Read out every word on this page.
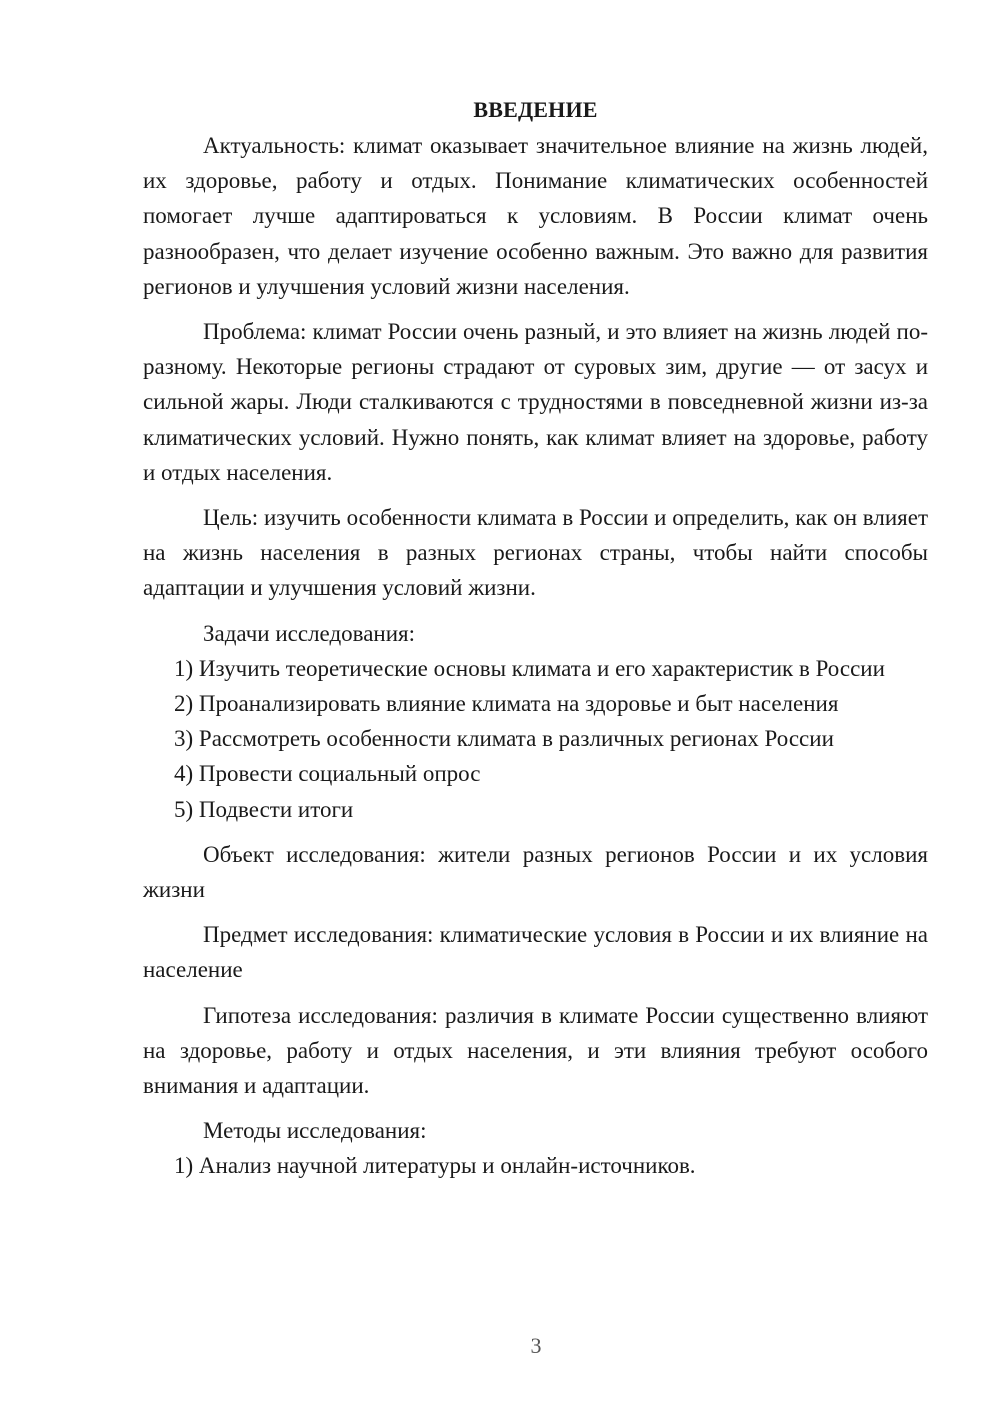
ВВЕДЕНИЕ

Актуальность: климат оказывает значительное влияние на жизнь людей, их здоровье, работу и отдых. Понимание климатических особенностей помогает лучше адаптироваться к условиям. В России климат очень разнообразен, что делает изучение особенно важным. Это важно для развития регионов и улучшения условий жизни населения.

Проблема: климат России очень разный, и это влияет на жизнь людей по-разному. Некоторые регионы страдают от суровых зим, другие — от засух и сильной жары. Люди сталкиваются с трудностями в повседневной жизни из-за климатических условий. Нужно понять, как климат влияет на здоровье, работу и отдых населения.

Цель: изучить особенности климата в России и определить, как он влияет на жизнь населения в разных регионах страны, чтобы найти способы адаптации и улучшения условий жизни.

Задачи исследования:

1) Изучить теоретические основы климата и его характеристик в России

2) Проанализировать влияние климата на здоровье и быт населения

3) Рассмотреть особенности климата в различных регионах России

4) Провести социальный опрос

5) Подвести итоги

Объект исследования: жители разных регионов России и их условия жизни

Предмет исследования: климатические условия в России и их влияние на население

Гипотеза исследования: различия в климате России существенно влияют на здоровье, работу и отдых населения, и эти влияния требуют особого внимания и адаптации.

Методы исследования:

1) Анализ научной литературы и онлайн-источников.

3
